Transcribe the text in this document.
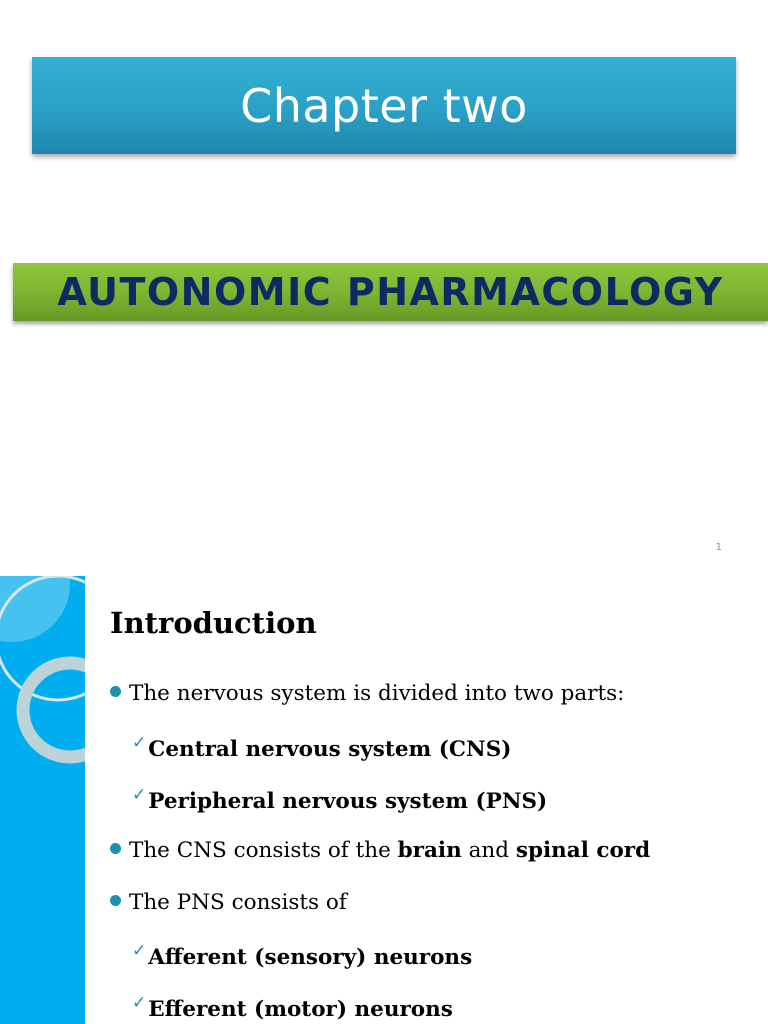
Chapter two
AUTONOMIC PHARMACOLOGY
1
Introduction
The nervous system is divided into two parts:
✓Central nervous system (CNS)
✓Peripheral nervous system (PNS)
The CNS consists of the brain and spinal cord
The PNS consists of
✓Afferent (sensory) neurons
✓Efferent (motor) neurons
